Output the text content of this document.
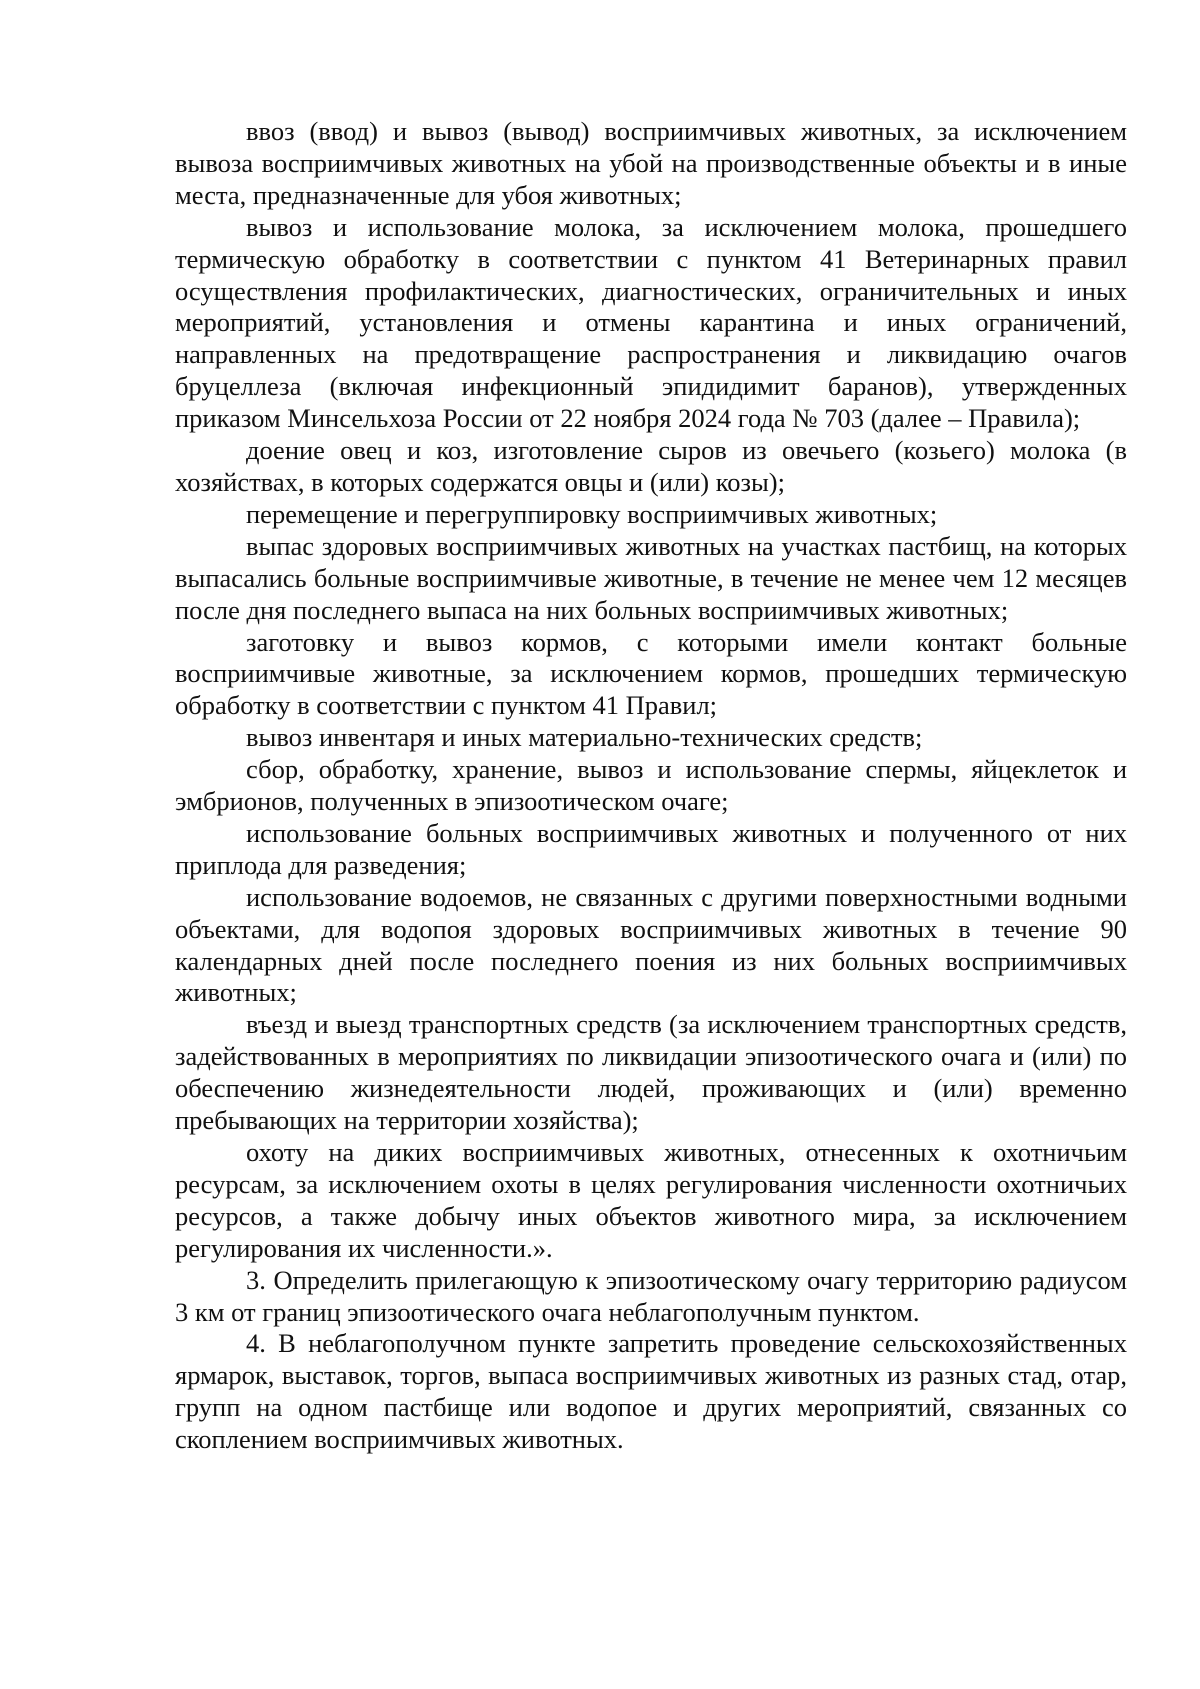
ввоз (ввод) и вывоз (вывод) восприимчивых животных, за исключением вывоза восприимчивых животных на убой на производственные объекты и в иные места, предназначенные для убоя животных;

вывоз и использование молока, за исключением молока, прошедшего термическую обработку в соответствии с пунктом 41 Ветеринарных правил осуществления профилактических, диагностических, ограничительных и иных мероприятий, установления и отмены карантина и иных ограничений, направленных на предотвращение распространения и ликвидацию очагов бруцеллеза (включая инфекционный эпидидимит баранов), утвержденных приказом Минсельхоза России от 22 ноября 2024 года № 703 (далее – Правила);

доение овец и коз, изготовление сыров из овечьего (козьего) молока (в хозяйствах, в которых содержатся овцы и (или) козы);

перемещение и перегруппировку восприимчивых животных;

выпас здоровых восприимчивых животных на участках пастбищ, на которых выпасались больные восприимчивые животные, в течение не менее чем 12 месяцев после дня последнего выпаса на них больных восприимчивых животных;

заготовку и вывоз кормов, с которыми имели контакт больные восприимчивые животные, за исключением кормов, прошедших термическую обработку в соответствии с пунктом 41 Правил;

вывоз инвентаря и иных материально-технических средств;

сбор, обработку, хранение, вывоз и использование спермы, яйцеклеток и эмбрионов, полученных в эпизоотическом очаге;

использование больных восприимчивых животных и полученного от них приплода для разведения;

использование водоемов, не связанных с другими поверхностными водными объектами, для водопоя здоровых восприимчивых животных в течение 90 календарных дней после последнего поения из них больных восприимчивых животных;

въезд и выезд транспортных средств (за исключением транспортных средств, задействованных в мероприятиях по ликвидации эпизоотического очага и (или) по обеспечению жизнедеятельности людей, проживающих и (или) временно пребывающих на территории хозяйства);

охоту на диких восприимчивых животных, отнесенных к охотничьим ресурсам, за исключением охоты в целях регулирования численности охотничьих ресурсов, а также добычу иных объектов животного мира, за исключением регулирования их численности.».

3. Определить прилегающую к эпизоотическому очагу территорию радиусом 3 км от границ эпизоотического очага неблагополучным пунктом.

4. В неблагополучном пункте запретить проведение сельскохозяйственных ярмарок, выставок, торгов, выпаса восприимчивых животных из разных стад, отар, групп на одном пастбище или водопое и других мероприятий, связанных со скоплением восприимчивых животных.
